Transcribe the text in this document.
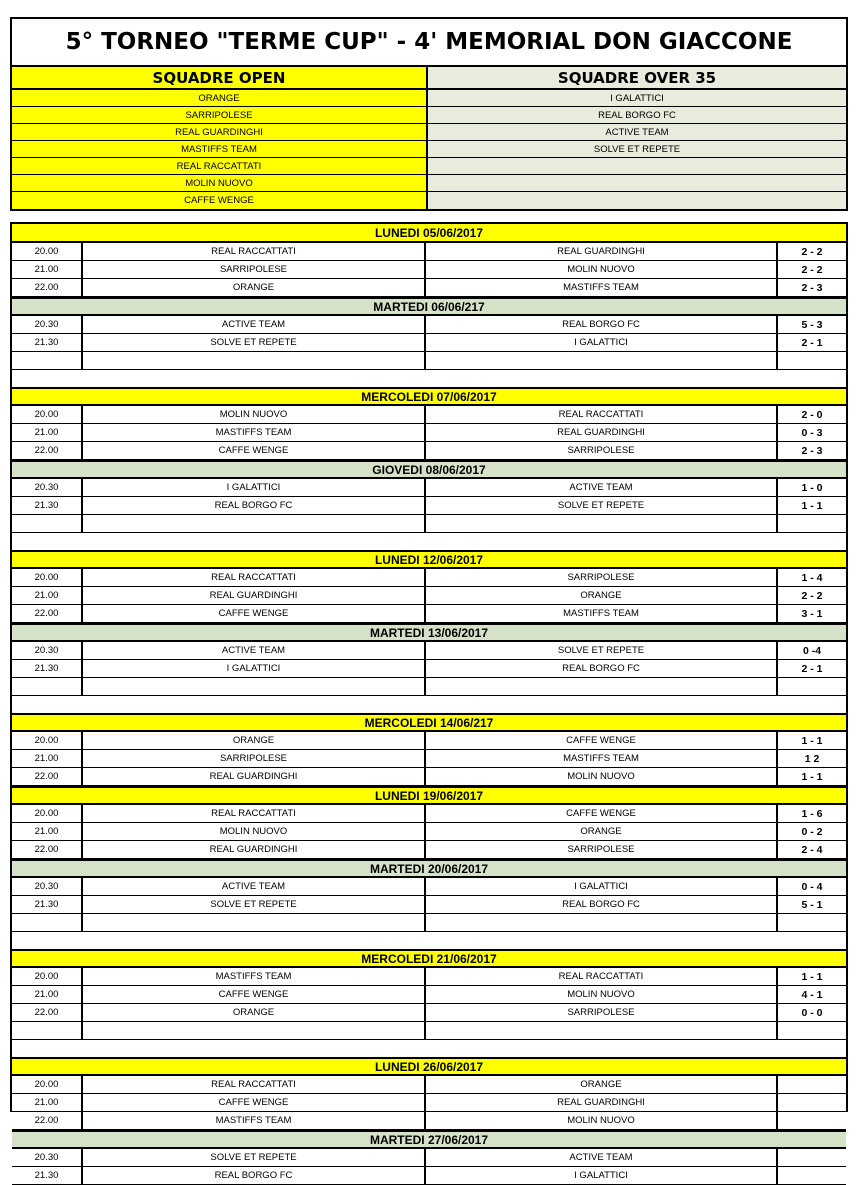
5° TORNEO "TERME CUP" - 4' MEMORIAL DON GIACCONE
SQUADRE OPEN	SQUADRE OVER 35
ORANGE	I GALATTICI
SARRIPOLESE	REAL BORGO FC
REAL GUARDINGHI	ACTIVE TEAM
MASTIFFS TEAM	SOLVE ET REPETE
REAL RACCATTATI
MOLIN NUOVO
CAFFE WENGE
LUNEDI 05/06/2017
20.00	REAL RACCATTATI	REAL GUARDINGHI	2 - 2
21.00	SARRIPOLESE	MOLIN NUOVO	2 - 2
22.00	ORANGE	MASTIFFS TEAM	2 - 3
MARTEDI 06/06/217
20.30	ACTIVE TEAM	REAL BORGO FC	5 - 3
21.30	SOLVE ET REPETE	I GALATTICI	2 - 1
MERCOLEDI 07/06/2017
20.00	MOLIN NUOVO	REAL RACCATTATI	2 - 0
21.00	MASTIFFS TEAM	REAL GUARDINGHI	0 - 3
22.00	CAFFE WENGE	SARRIPOLESE	2 - 3
GIOVEDI 08/06/2017
20.30	I GALATTICI	ACTIVE TEAM	1 - 0
21.30	REAL BORGO FC	SOLVE ET REPETE	1 - 1
LUNEDI 12/06/2017
20.00	REAL RACCATTATI	SARRIPOLESE	1 - 4
21.00	REAL GUARDINGHI	ORANGE	2 - 2
22.00	CAFFE WENGE	MASTIFFS TEAM	3 - 1
MARTEDI 13/06/2017
20.30	ACTIVE TEAM	SOLVE ET REPETE	0 -4
21.30	I GALATTICI	REAL BORGO FC	2 - 1
MERCOLEDI 14/06/217
20.00	ORANGE	CAFFE WENGE	1 - 1
21.00	SARRIPOLESE	MASTIFFS TEAM	1 2
22.00	REAL GUARDINGHI	MOLIN NUOVO	1 - 1
LUNEDI 19/06/2017
20.00	REAL RACCATTATI	CAFFE WENGE	1 - 6
21.00	MOLIN NUOVO	ORANGE	0 - 2
22.00	REAL GUARDINGHI	SARRIPOLESE	2 - 4
MARTEDI 20/06/2017
20.30	ACTIVE TEAM	I GALATTICI	0 - 4
21.30	SOLVE ET REPETE	REAL BORGO FC	5 - 1
MERCOLEDI 21/06/2017
20.00	MASTIFFS TEAM	REAL RACCATTATI	1 - 1
21.00	CAFFE WENGE	MOLIN NUOVO	4 - 1
22.00	ORANGE	SARRIPOLESE	0 - 0
LUNEDI 26/06/2017
20.00	REAL RACCATTATI	ORANGE
21.00	CAFFE WENGE	REAL GUARDINGHI
22.00	MASTIFFS TEAM	MOLIN NUOVO
MARTEDI 27/06/2017
20.30	SOLVE ET REPETE	ACTIVE TEAM
21.30	REAL BORGO FC	I GALATTICI
